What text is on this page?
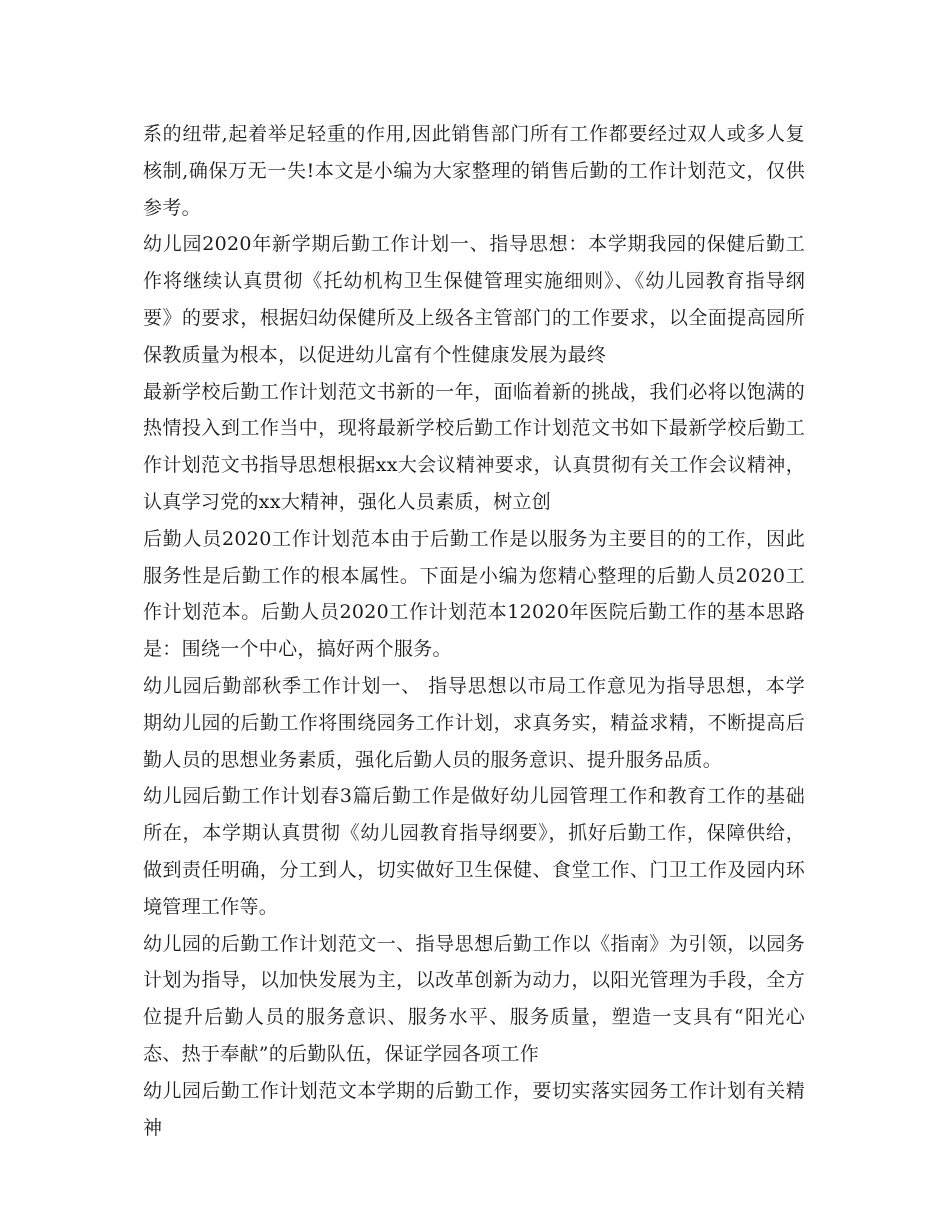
系的纽带,起着举足轻重的作用,因此销售部门所有工作都要经过双人或多人复核制,确保万无一失!本文是小编为大家整理的销售后勤的工作计划范文，仅供参考。

幼儿园2020年新学期后勤工作计划一、指导思想：本学期我园的保健后勤工作将继续认真贯彻《托幼机构卫生保健管理实施细则》、《幼儿园教育指导纲要》的要求，根据妇幼保健所及上级各主管部门的工作要求，以全面提高园所保教质量为根本，以促进幼儿富有个性健康发展为最终

最新学校后勤工作计划范文书新的一年，面临着新的挑战，我们必将以饱满的热情投入到工作当中，现将最新学校后勤工作计划范文书如下最新学校后勤工作计划范文书指导思想根据xx大会议精神要求，认真贯彻有关工作会议精神，认真学习党的xx大精神，强化人员素质，树立创

后勤人员2020工作计划范本由于后勤工作是以服务为主要目的的工作，因此服务性是后勤工作的根本属性。下面是小编为您精心整理的后勤人员2020工作计划范本。后勤人员2020工作计划范本12020年医院后勤工作的基本思路是：围绕一个中心，搞好两个服务。

幼儿园后勤部秋季工作计划一、 指导思想以市局工作意见为指导思想，本学期幼儿园的后勤工作将围绕园务工作计划，求真务实，精益求精，不断提高后勤人员的思想业务素质，强化后勤人员的服务意识、提升服务品质。

幼儿园后勤工作计划春3篇后勤工作是做好幼儿园管理工作和教育工作的基础所在，本学期认真贯彻《幼儿园教育指导纲要》，抓好后勤工作，保障供给，做到责任明确，分工到人，切实做好卫生保健、食堂工作、门卫工作及园内环境管理工作等。

幼儿园的后勤工作计划范文一、指导思想后勤工作以《指南》为引领，以园务计划为指导，以加快发展为主，以改革创新为动力，以阳光管理为手段，全方位提升后勤人员的服务意识、服务水平、服务质量，塑造一支具有“阳光心态、热于奉献”的后勤队伍，保证学园各项工作

幼儿园后勤工作计划范文本学期的后勤工作，要切实落实园务工作计划有关精神
